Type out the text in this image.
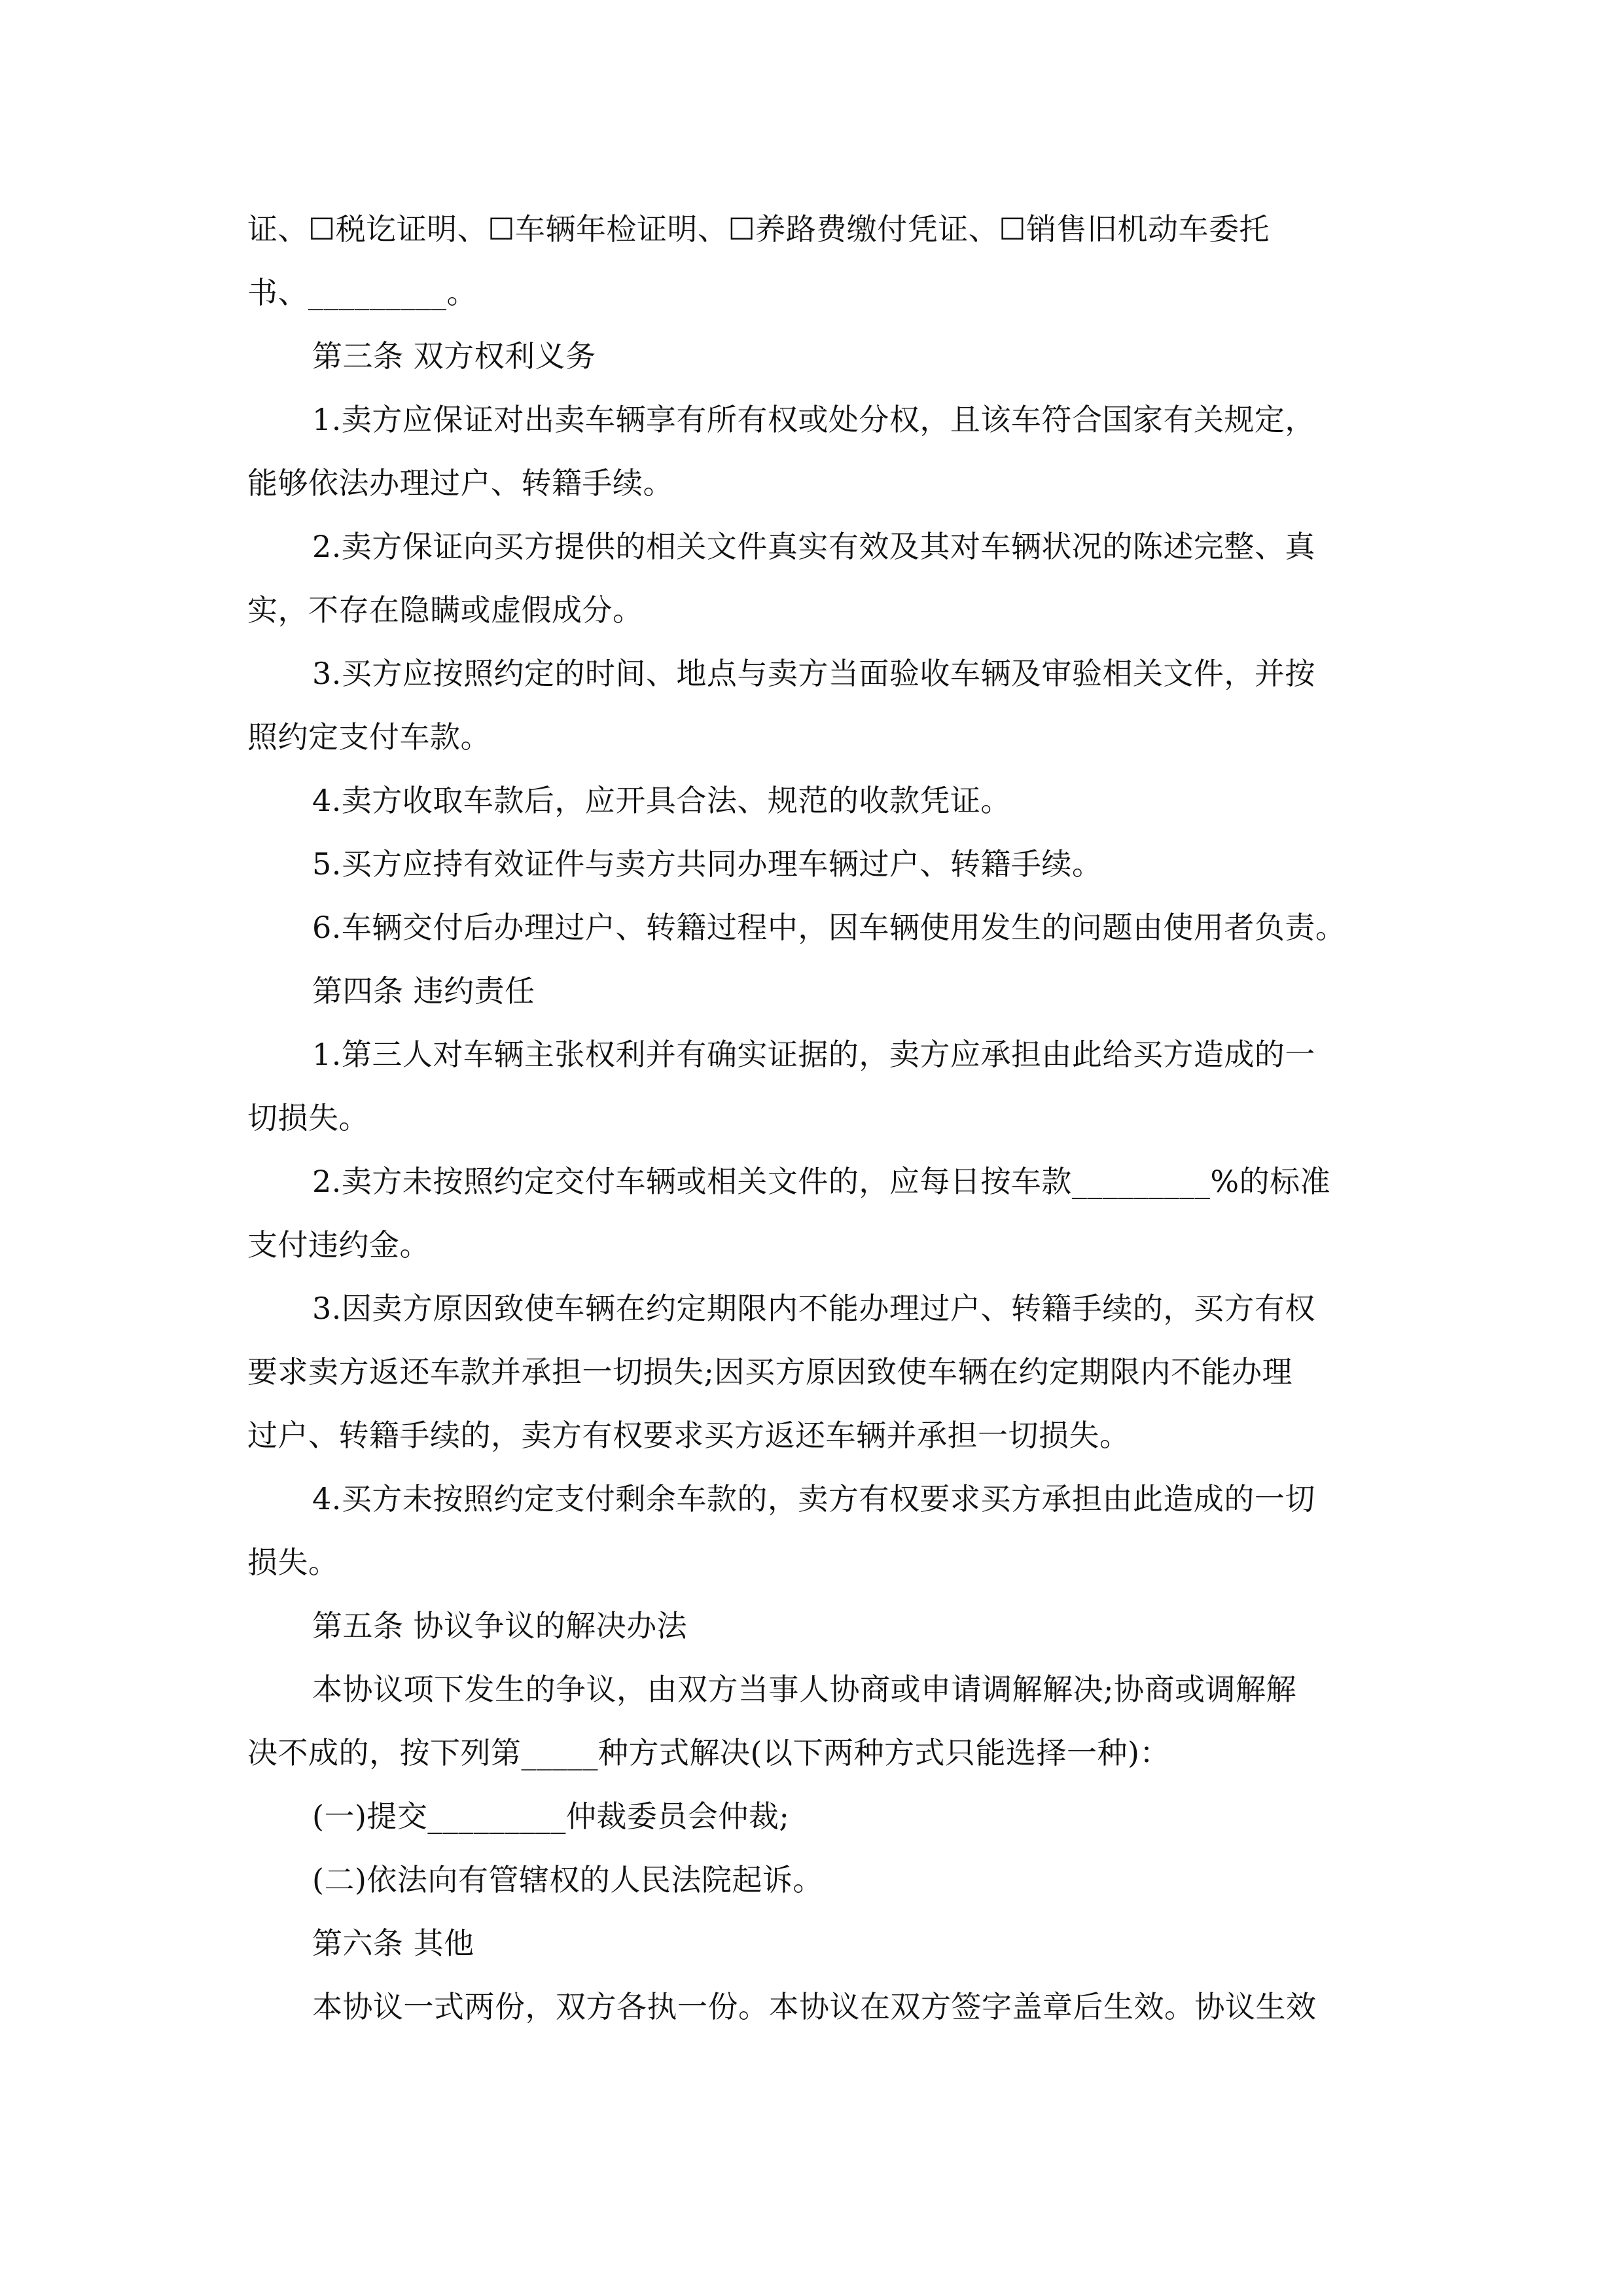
证、☐税讫证明、☐车辆年检证明、☐养路费缴付凭证、☐销售旧机动车委托
书、_________。
第三条 双方权利义务
1.卖方应保证对出卖车辆享有所有权或处分权，且该车符合国家有关规定，
能够依法办理过户、转籍手续。
2.卖方保证向买方提供的相关文件真实有效及其对车辆状况的陈述完整、真
实，不存在隐瞒或虚假成分。
3.买方应按照约定的时间、地点与卖方当面验收车辆及审验相关文件，并按
照约定支付车款。
4.卖方收取车款后，应开具合法、规范的收款凭证。
5.买方应持有效证件与卖方共同办理车辆过户、转籍手续。
6.车辆交付后办理过户、转籍过程中，因车辆使用发生的问题由使用者负责。
第四条 违约责任
1.第三人对车辆主张权利并有确实证据的，卖方应承担由此给买方造成的一
切损失。
2.卖方未按照约定交付车辆或相关文件的，应每日按车款_________%的标准
支付违约金。
3.因卖方原因致使车辆在约定期限内不能办理过户、转籍手续的，买方有权
要求卖方返还车款并承担一切损失;因买方原因致使车辆在约定期限内不能办理
过户、转籍手续的，卖方有权要求买方返还车辆并承担一切损失。
4.买方未按照约定支付剩余车款的，卖方有权要求买方承担由此造成的一切
损失。
第五条 协议争议的解决办法
本协议项下发生的争议，由双方当事人协商或申请调解解决;协商或调解解
决不成的，按下列第_____种方式解决(以下两种方式只能选择一种)：
(一)提交_________仲裁委员会仲裁;
(二)依法向有管辖权的人民法院起诉。
第六条 其他
本协议一式两份，双方各执一份。本协议在双方签字盖章后生效。协议生效
